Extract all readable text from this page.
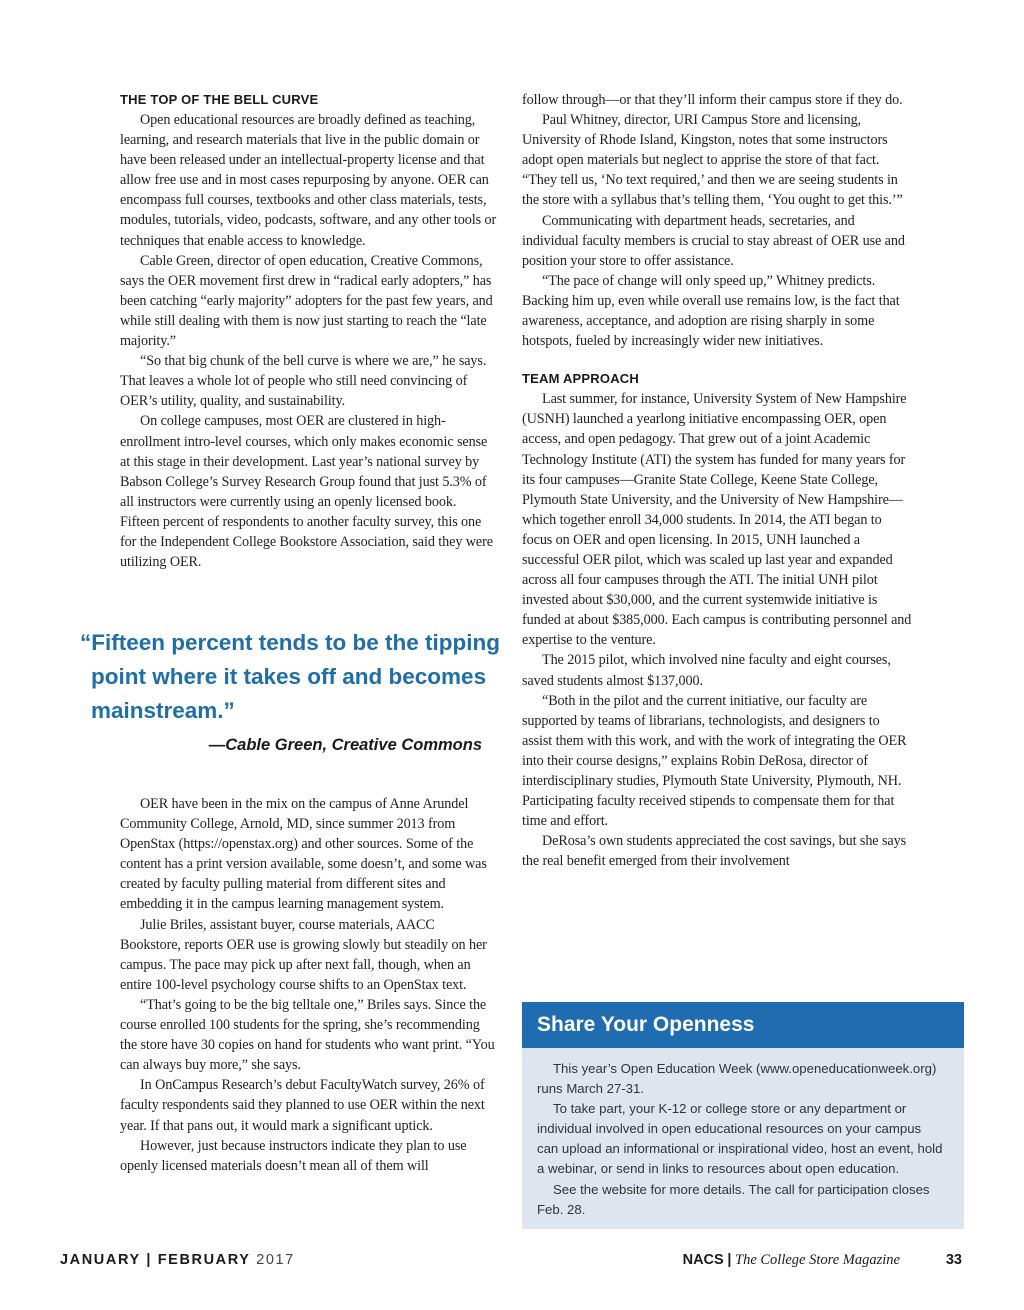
THE TOP OF THE BELL CURVE

Open educational resources are broadly defined as teaching, learning, and research materials that live in the public domain or have been released under an intellectual-property license and that allow free use and in most cases repurposing by anyone. OER can encompass full courses, textbooks and other class materials, tests, modules, tutorials, video, podcasts, software, and any other tools or techniques that enable access to knowledge.

Cable Green, director of open education, Creative Commons, says the OER movement first drew in “radical early adopters,” has been catching “early majority” adopters for the past few years, and while still dealing with them is now just starting to reach the “late majority.”

“So that big chunk of the bell curve is where we are,” he says. That leaves a whole lot of people who still need convincing of OER’s utility, quality, and sustainability.

On college campuses, most OER are clustered in high-enrollment intro-level courses, which only makes economic sense at this stage in their development. Last year’s national survey by Babson College’s Survey Research Group found that just 5.3% of all instructors were currently using an openly licensed book. Fifteen percent of respondents to another faculty survey, this one for the Independent College Bookstore Association, said they were utilizing OER.

“Fifteen percent tends to be the tipping point where it takes off and becomes mainstream.”
—Cable Green, Creative Commons

OER have been in the mix on the campus of Anne Arundel Community College, Arnold, MD, since summer 2013 from OpenStax (https://openstax.org) and other sources. Some of the content has a print version available, some doesn’t, and some was created by faculty pulling material from different sites and embedding it in the campus learning management system.

Julie Briles, assistant buyer, course materials, AACC Bookstore, reports OER use is growing slowly but steadily on her campus. The pace may pick up after next fall, though, when an entire 100-level psychology course shifts to an OpenStax text.

“That’s going to be the big telltale one,” Briles says. Since the course enrolled 100 students for the spring, she’s recommending the store have 30 copies on hand for students who want print. “You can always buy more,” she says.

In OnCampus Research’s debut FacultyWatch survey, 26% of faculty respondents said they planned to use OER within the next year. If that pans out, it would mark a significant uptick.

However, just because instructors indicate they plan to use openly licensed materials doesn’t mean all of them will

follow through—or that they’ll inform their campus store if they do.

Paul Whitney, director, URI Campus Store and licensing, University of Rhode Island, Kingston, notes that some instructors adopt open materials but neglect to apprise the store of that fact. “They tell us, ‘No text required,’ and then we are seeing students in the store with a syllabus that’s telling them, ‘You ought to get this.’”

Communicating with department heads, secretaries, and individual faculty members is crucial to stay abreast of OER use and position your store to offer assistance.

“The pace of change will only speed up,” Whitney predicts. Backing him up, even while overall use remains low, is the fact that awareness, acceptance, and adoption are rising sharply in some hotspots, fueled by increasingly wider new initiatives.

TEAM APPROACH

Last summer, for instance, University System of New Hampshire (USNH) launched a yearlong initiative encompassing OER, open access, and open pedagogy. That grew out of a joint Academic Technology Institute (ATI) the system has funded for many years for its four campuses—Granite State College, Keene State College, Plymouth State University, and the University of New Hampshire—which together enroll 34,000 students. In 2014, the ATI began to focus on OER and open licensing. In 2015, UNH launched a successful OER pilot, which was scaled up last year and expanded across all four campuses through the ATI. The initial UNH pilot invested about $30,000, and the current systemwide initiative is funded at about $385,000. Each campus is contributing personnel and expertise to the venture.

The 2015 pilot, which involved nine faculty and eight courses, saved students almost $137,000.

“Both in the pilot and the current initiative, our faculty are supported by teams of librarians, technologists, and designers to assist them with this work, and with the work of integrating the OER into their course designs,” explains Robin DeRosa, director of interdisciplinary studies, Plymouth State University, Plymouth, NH. Participating faculty received stipends to compensate them for that time and effort.

DeRosa’s own students appreciated the cost savings, but she says the real benefit emerged from their involvement

Share Your Openness

This year’s Open Education Week (www.openeducationweek.org) runs March 27-31.

To take part, your K-12 or college store or any department or individual involved in open educational resources on your campus can upload an informational or inspirational video, host an event, hold a webinar, or send in links to resources about open education.

See the website for more details. The call for participation closes Feb. 28.

JANUARY | FEBRUARY 2017	NACS | The College Store Magazine	33
